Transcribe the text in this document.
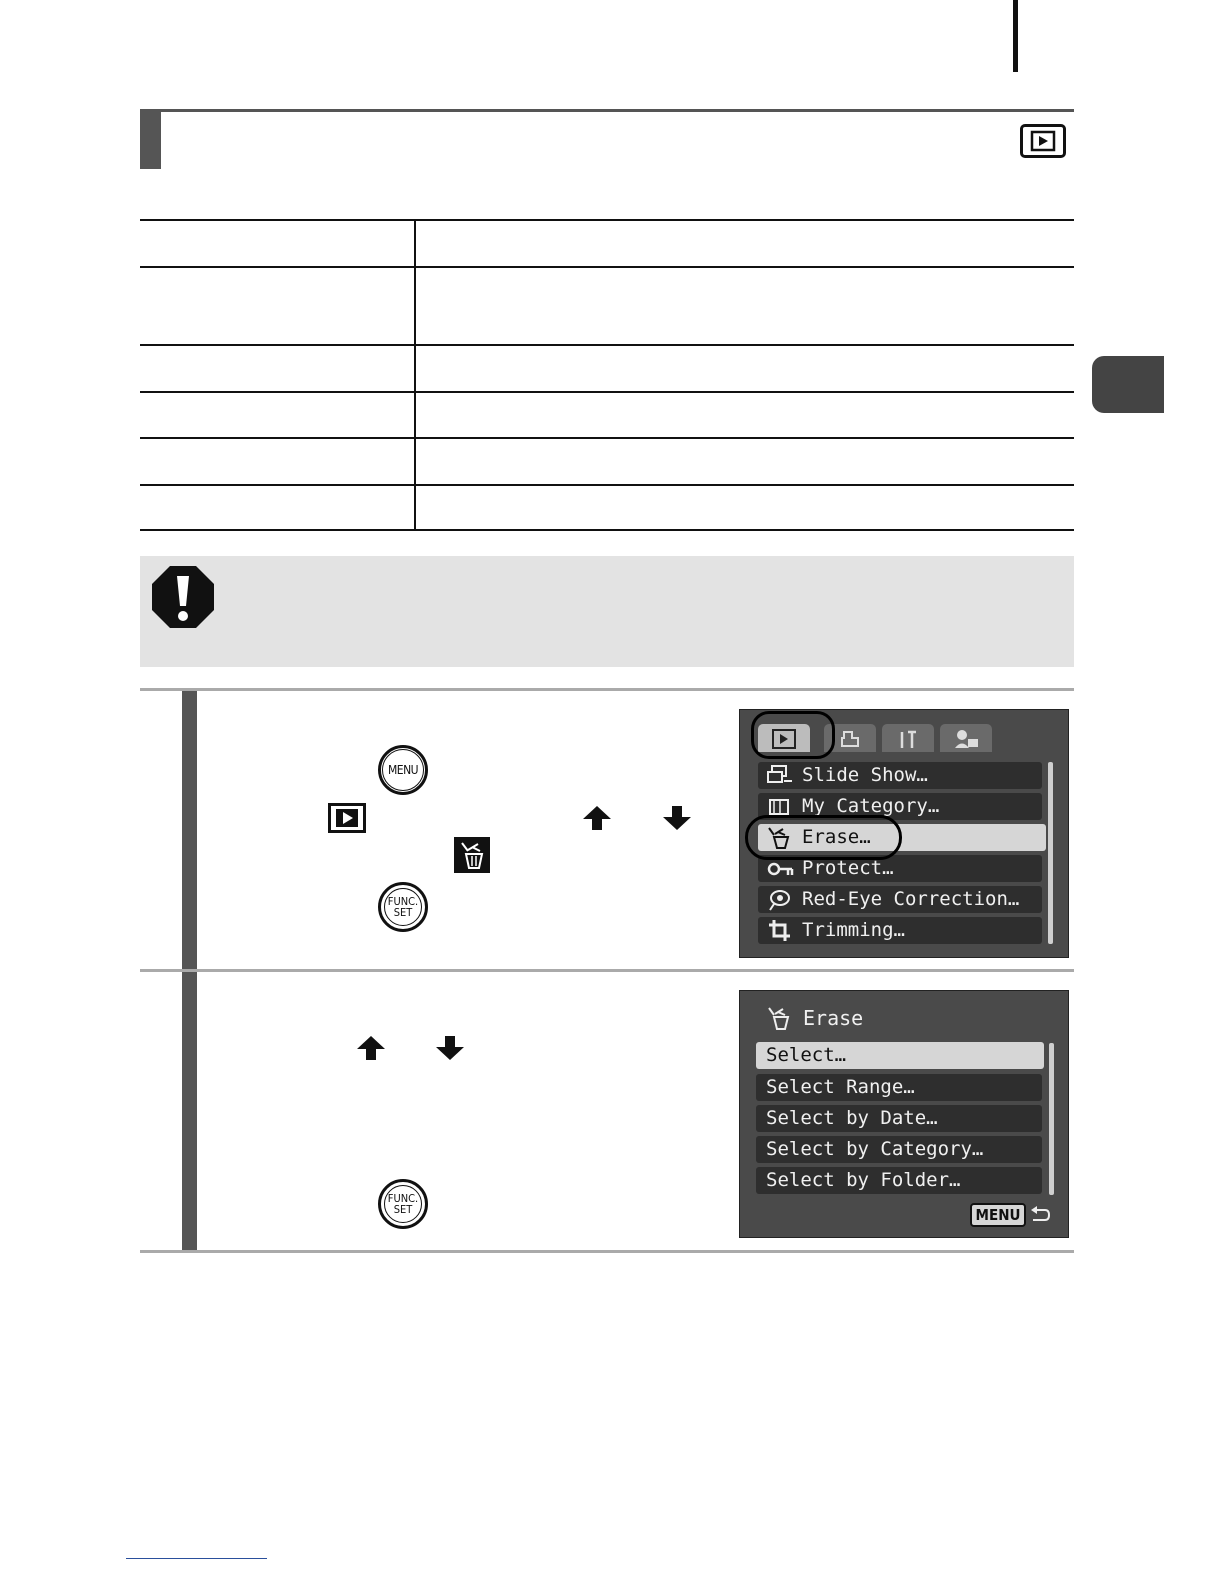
MENU
FUNC.
SET
Slide Show…
My Category…
Erase…
Protect…
Red-Eye Correction…
Trimming…
FUNC.
SET
Erase
Select…
Select Range…
Select by Date…
Select by Category…
Select by Folder…
MENU
